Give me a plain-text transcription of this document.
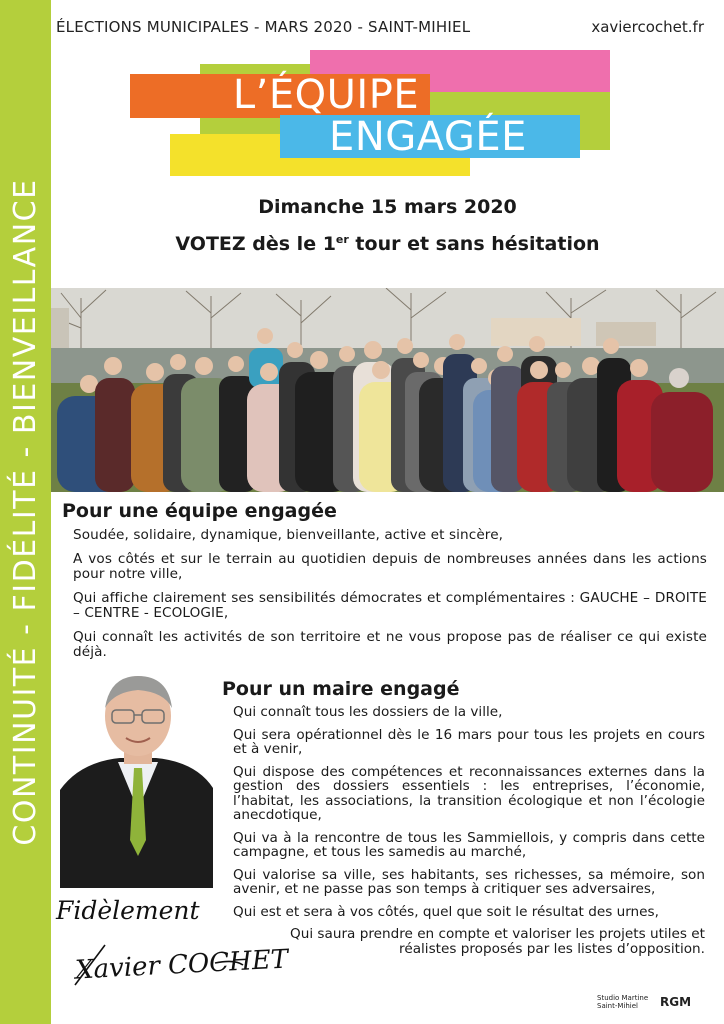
CONTINUITÉ - FIDÉLITÉ - BIENVEILLANCE
ÉLECTIONS MUNICIPALES - MARS 2020 - SAINT-MIHIEL	xaviercochet.fr
L’ÉQUIPE
ENGAGÉE
Dimanche 15 mars 2020
VOTEZ dès le 1er tour et sans hésitation
Pour une équipe engagée
Soudée, solidaire, dynamique, bienveillante, active et sincère,
A vos côtés et sur le terrain au quotidien depuis de nombreuses années dans les actions pour notre ville,
Qui affiche clairement ses sensibilités démocrates et complémentaires : GAUCHE – DROITE – CENTRE - ECOLOGIE,
Qui connaît les activités de son territoire et ne vous propose pas de réaliser ce qui existe déjà.
Pour un maire engagé
Qui connaît tous les dossiers de la ville,
Qui sera opérationnel dès le 16 mars pour tous les projets en cours et à venir,
Qui dispose des compétences et reconnaissances externes dans la gestion des dossiers essentiels : les entreprises, l’économie, l’habitat, les associations, la transition écologique et non l’écologie anecdotique,
Qui va à la rencontre de tous les Sammiellois, y compris dans cette campagne, et tous les samedis au marché,
Qui valorise sa ville, ses habitants, ses richesses, sa mémoire, son avenir, et ne passe pas son temps à critiquer ses adversaires,
Qui est et sera à vos côtés, quel que soit le résultat des urnes,
Qui saura prendre en compte et valoriser les projets utiles et réalistes proposés par les listes d’opposition.
Fidèlement
Xavier COCHET
Studio Martine
Saint-Mihiel	RGM
